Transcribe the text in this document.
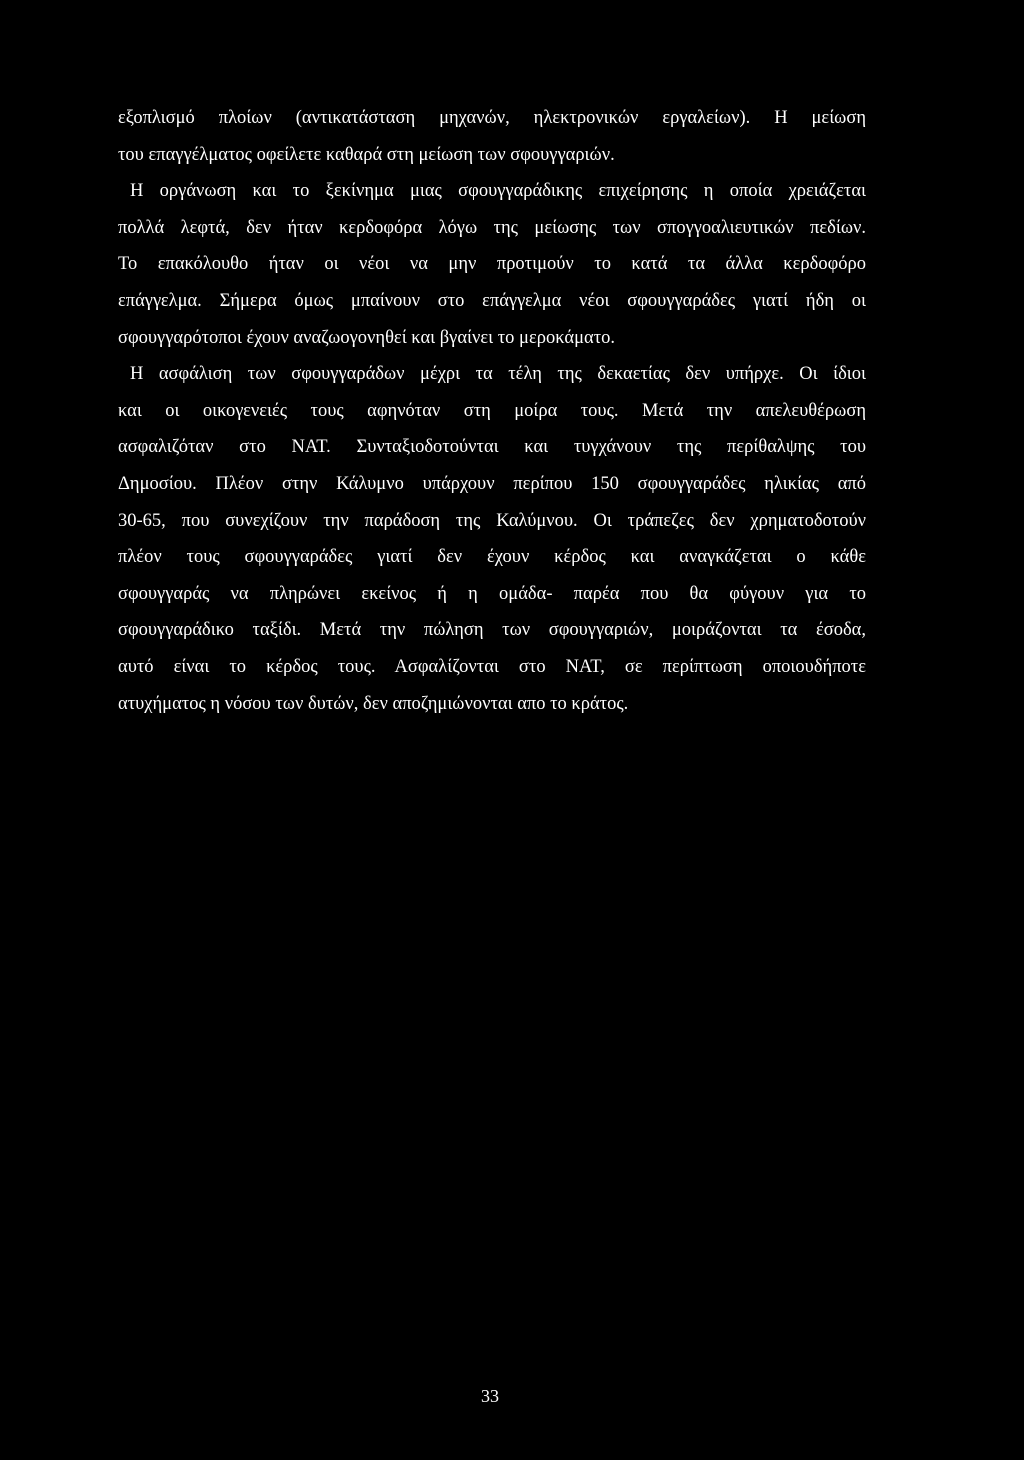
εξοπλισμό πλοίων (αντικατάσταση μηχανών, ηλεκτρονικών εργαλείων). Η μείωση
του επαγγέλματος οφείλετε καθαρά στη μείωση των σφουγγαριών.
Η οργάνωση και το ξεκίνημα μιας σφουγγαράδικης επιχείρησης η οποία χρειάζεται
πολλά λεφτά, δεν ήταν κερδοφόρα λόγω της μείωσης των σπογγοαλιευτικών πεδίων.
Το επακόλουθο ήταν οι νέοι να μην προτιμούν το κατά τα άλλα κερδοφόρο
επάγγελμα. Σήμερα όμως μπαίνουν στο επάγγελμα νέοι σφουγγαράδες γιατί ήδη οι
σφουγγαρότοποι έχουν αναζωογονηθεί και βγαίνει το μεροκάματο.
Η ασφάλιση των σφουγγαράδων μέχρι τα τέλη της δεκαετίας δεν υπήρχε. Οι ίδιοι
και οι οικογενειές τους αφηνόταν στη μοίρα τους. Μετά την απελευθέρωση
ασφαλιζόταν στο ΝΑΤ. Συνταξιοδοτούνται και τυγχάνουν της περίθαλψης του
Δημοσίου. Πλέον στην Κάλυμνο υπάρχουν περίπου 150 σφουγγαράδες ηλικίας από
30-65, που συνεχίζουν την παράδοση της Καλύμνου. Οι τράπεζες δεν χρηματοδοτούν
πλέον τους σφουγγαράδες γιατί δεν έχουν κέρδος και αναγκάζεται ο κάθε
σφουγγαράς να πληρώνει εκείνος ή η ομάδα- παρέα που θα φύγουν για το
σφουγγαράδικο ταξίδι. Μετά την πώληση των σφουγγαριών, μοιράζονται τα έσοδα,
αυτό είναι το κέρδος τους. Ασφαλίζονται στο ΝΑΤ, σε περίπτωση οποιουδήποτε
ατυχήματος η νόσου των δυτών, δεν αποζημιώνονται απο το κράτος.
33
